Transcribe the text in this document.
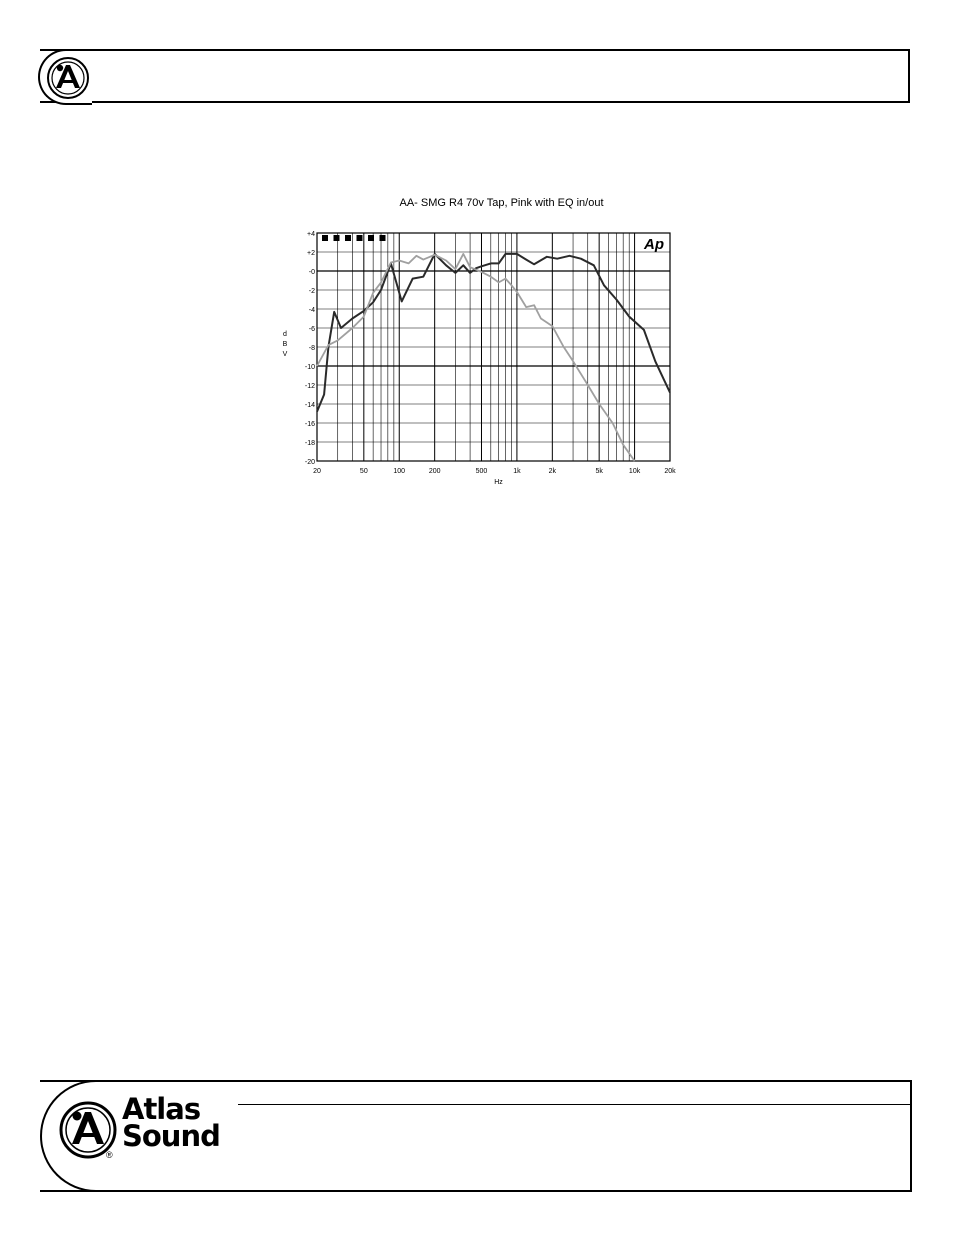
AA- SMG R4 70v Tap, Pink with EQ in/out
+4
+2
-0
-2
-4
-6
-8
-10
-12
-14
-16
-18
-20
20	50	100	200	500	1k	2k	5k	10k	20k
Hz
d
B
V
Ap
Atlas
Sound
®
